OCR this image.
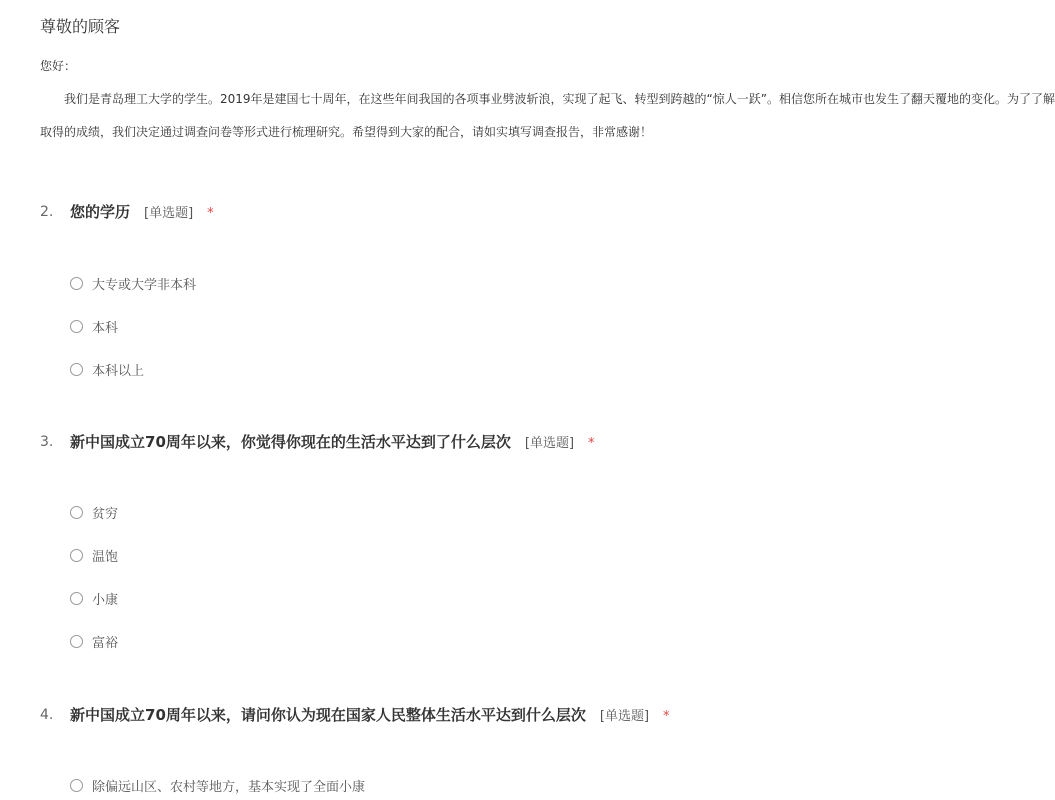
尊敬的顾客
您好：
我们是青岛理工大学的学生。2019年是建国七十周年，在这些年间我国的各项事业劈波斩浪，实现了起飞、转型到跨越的“惊人一跃”。相信您所在城市也发生了翻天覆地的变化。为了了解
取得的成绩，我们决定通过调查问卷等形式进行梳理研究。希望得到大家的配合，请如实填写调查报告，非常感谢！
2. 您的学历 [单选题] *
大专或大学非本科
本科
本科以上
3. 新中国成立70周年以来，你觉得你现在的生活水平达到了什么层次 [单选题] *
贫穷
温饱
小康
富裕
4. 新中国成立70周年以来，请问你认为现在国家人民整体生活水平达到什么层次 [单选题] *
除偏远山区、农村等地方，基本实现了全面小康
